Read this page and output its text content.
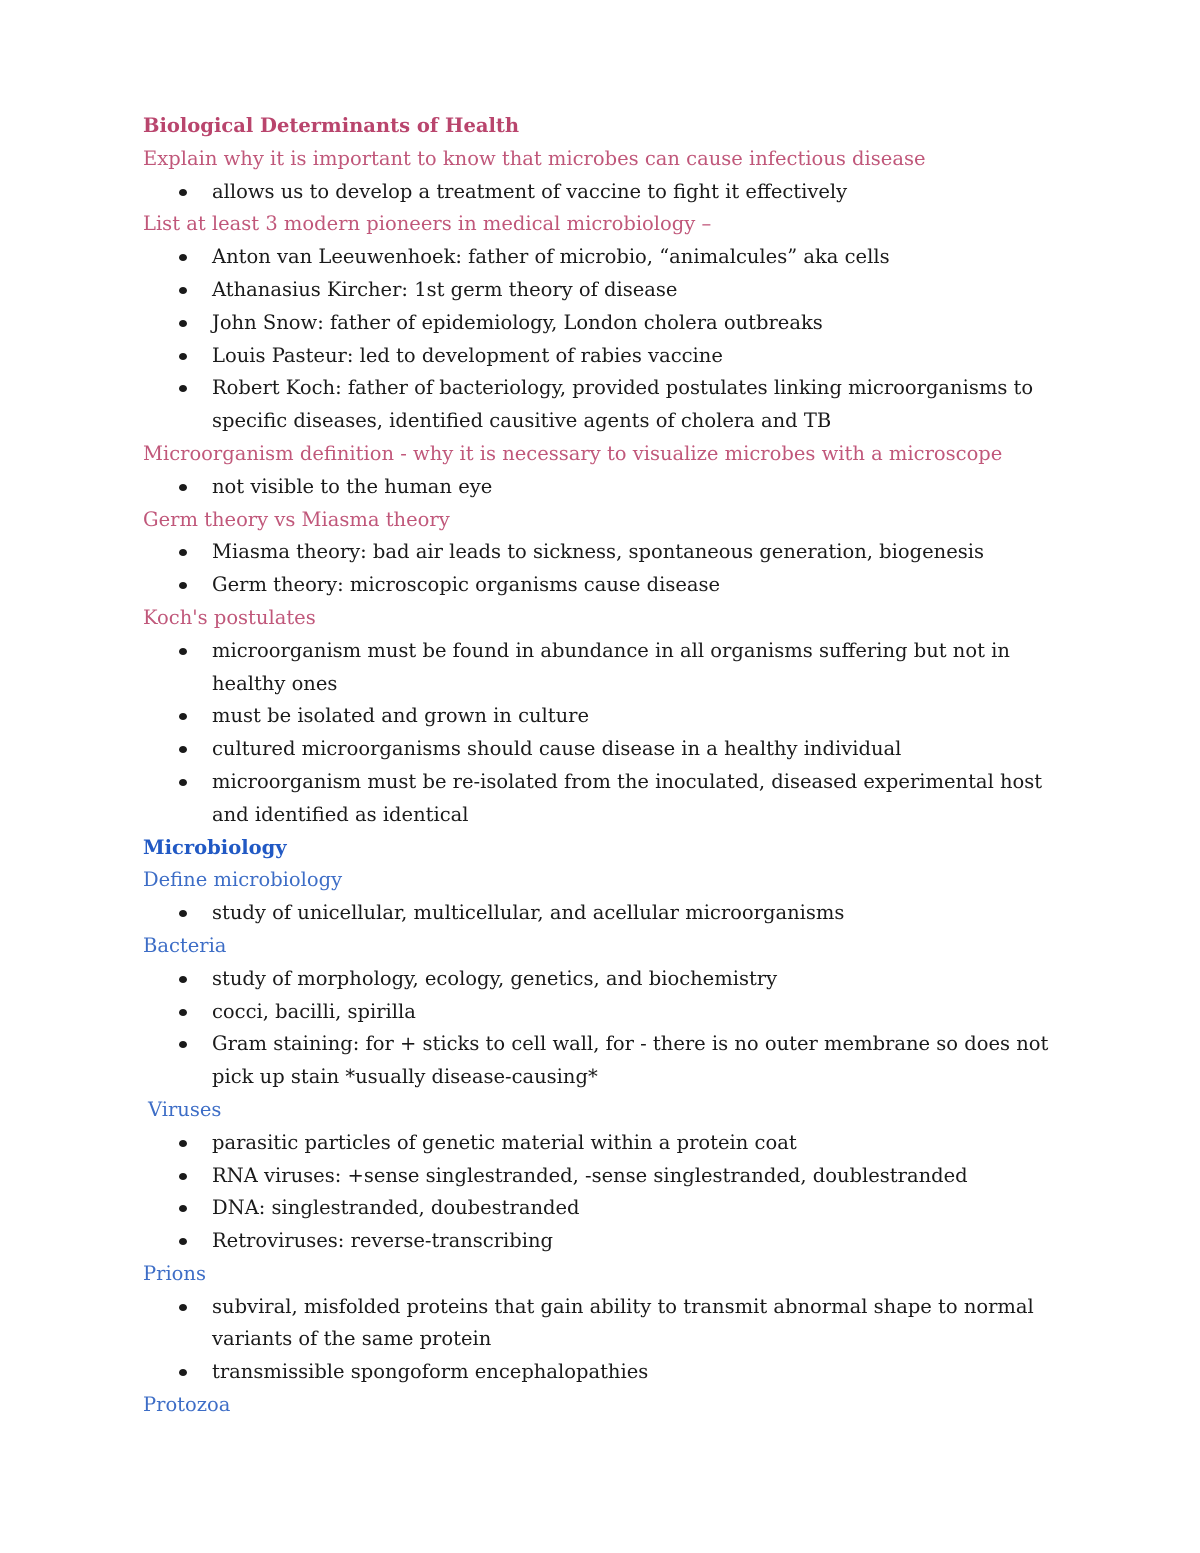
Biological Determinants of Health

Explain why it is important to know that microbes can cause infectious disease

allows us to develop a treatment of vaccine to fight it effectively

List at least 3 modern pioneers in medical microbiology –

Anton van Leeuwenhoek: father of microbio, “animalcules” aka cells
Athanasius Kircher: 1st germ theory of disease
John Snow: father of epidemiology, London cholera outbreaks
Louis Pasteur: led to development of rabies vaccine
Robert Koch: father of bacteriology, provided postulates linking microorganisms to specific diseases, identified causitive agents of cholera and TB

Microorganism definition - why it is necessary to visualize microbes with a microscope

not visible to the human eye

Germ theory vs Miasma theory

Miasma theory: bad air leads to sickness, spontaneous generation, biogenesis
Germ theory: microscopic organisms cause disease

Koch's postulates

microorganism must be found in abundance in all organisms suffering but not in healthy ones
must be isolated and grown in culture
cultured microorganisms should cause disease in a healthy individual
microorganism must be re-isolated from the inoculated, diseased experimental host and identified as identical

Microbiology

Define microbiology

study of unicellular, multicellular, and acellular microorganisms

Bacteria

study of morphology, ecology, genetics, and biochemistry
cocci, bacilli, spirilla
Gram staining: for + sticks to cell wall, for - there is no outer membrane so does not pick up stain *usually disease-causing*

Viruses

parasitic particles of genetic material within a protein coat
RNA viruses: +sense singlestranded, -sense singlestranded, doublestranded
DNA: singlestranded, doubestranded
Retroviruses: reverse-transcribing

Prions

subviral, misfolded proteins that gain ability to transmit abnormal shape to normal variants of the same protein
transmissible spongoform encephalopathies

Protozoa
